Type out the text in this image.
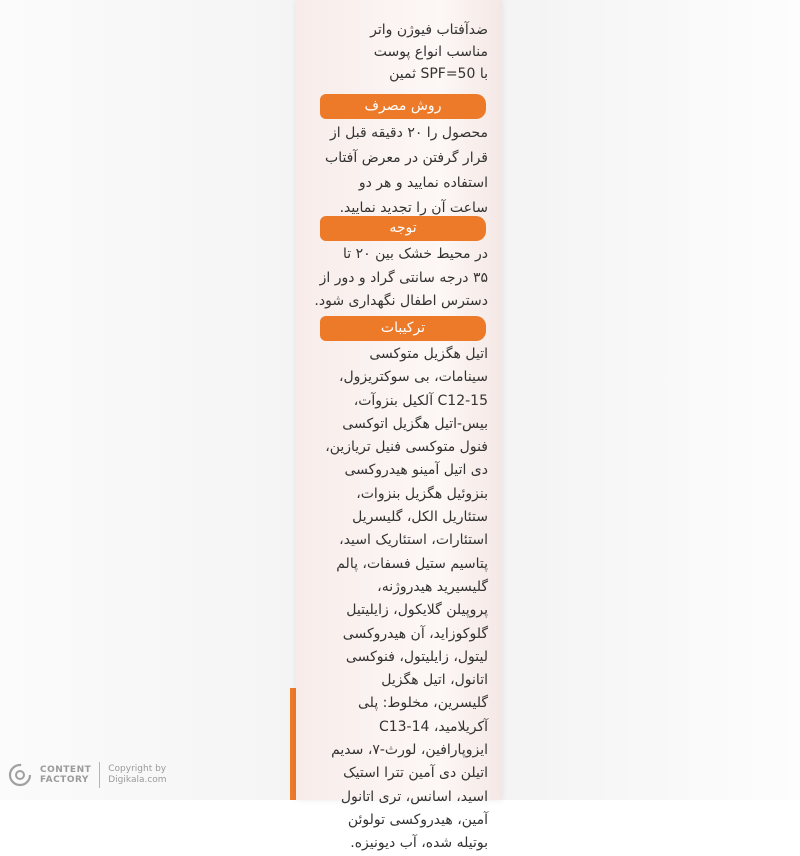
ضدآفتاب فیوژن واتر
مناسب انواع پوست
با SPF=50 ثمین
روش مصرف
محصول را ۲۰ دقیقه قبل از
قرار گرفتن در معرض آفتاب
استفاده نمایید و هر دو
ساعت آن را تجدید نمایید.
توجه
در محیط خشک بین ۲۰ تا
۳۵ درجه سانتی گراد و دور از
دسترس اطفال نگهداری شود.
ترکیبات
اتیل هگزیل متوکسی
سینامات، بی سوکتریزول،
C12-15 آلکیل بنزوآت،
بیس-اتیل هگزیل اتوکسی
فنول متوکسی فنیل تریازین،
دی اتیل آمینو هیدروکسی
بنزوئیل هگزیل بنزوات،
ستئاریل الکل، گلیسریل
استئارات، استئاریک اسید،
پتاسیم ستیل فسفات، پالم
گلیسیرید هیدروژنه،
پروپیلن گلایکول، زایلیتیل
گلوکوزاید، آن هیدروکسی
لیتول، زایلیتول، فنوکسی
اتانول، اتیل هگزیل
گلیسرین، مخلوط: پلی
آکریلامید، C13-14
ایزوپارافین، لورث-۷، سدیم
اتیلن دی آمین تترا استیک
اسید، اسانس، تری اتانول
آمین، هیدروکسی تولوئن
بوتیله شده، آب دیونیزه.
CONTENT
FACTORY
Copyright by
Digikala.com
